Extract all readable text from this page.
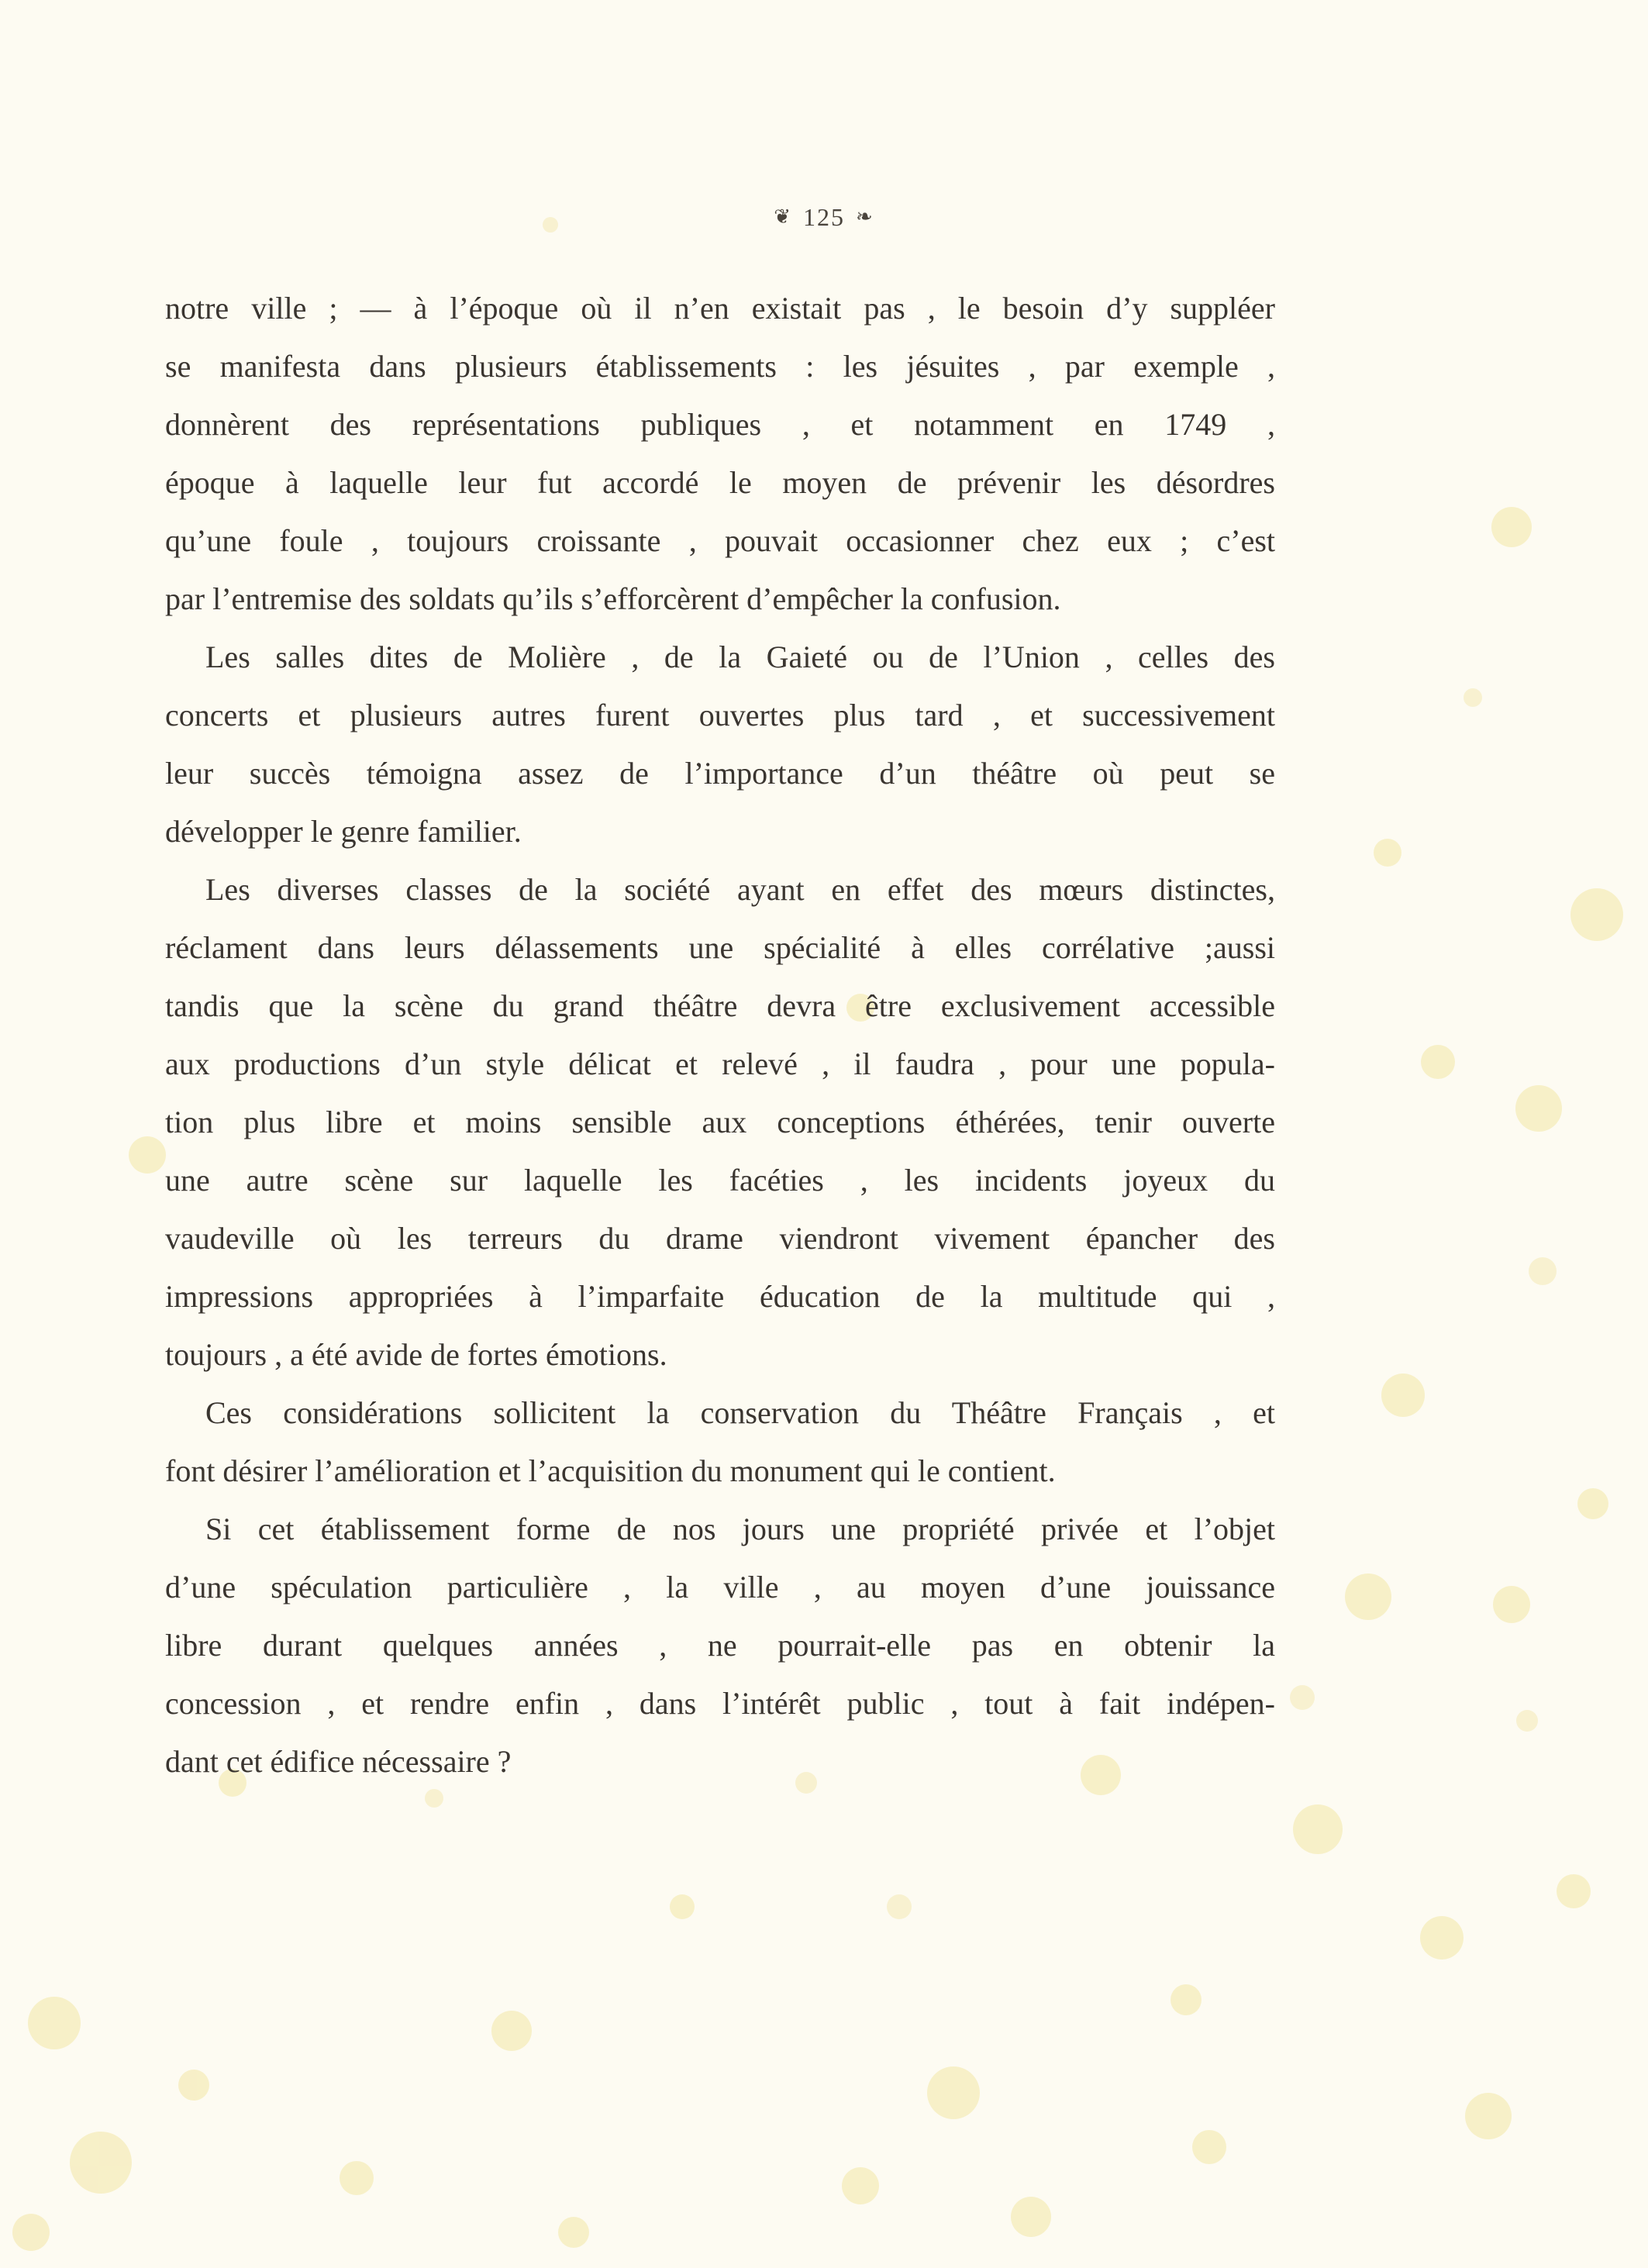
❦ 125 ❧
notre ville ; — à l’époque où il n’en existait pas , le besoin d’y suppléer
se manifesta dans plusieurs établissements : les jésuites , par exemple ,
donnèrent des représentations publiques , et notamment en 1749 ,
époque à laquelle leur fut accordé le moyen de prévenir les désordres
qu’une foule , toujours croissante , pouvait occasionner chez eux ; c’est
par l’entremise des soldats qu’ils s’efforcèrent d’empêcher la confusion.
Les salles dites de Molière , de la Gaieté ou de l’Union , celles des
concerts et plusieurs autres furent ouvertes plus tard , et successivement
leur succès témoigna assez de l’importance d’un théâtre où peut se
développer le genre familier.
Les diverses classes de la société ayant en effet des mœurs distinctes,
réclament dans leurs délassements une spécialité à elles corrélative ;aussi
tandis que la scène du grand théâtre devra être exclusivement accessible
aux productions d’un style délicat et relevé , il faudra , pour une popula-
tion plus libre et moins sensible aux conceptions éthérées, tenir ouverte
une autre scène sur laquelle les facéties , les incidents joyeux du
vaudeville où les terreurs du drame viendront vivement épancher des
impressions appropriées à l’imparfaite éducation de la multitude qui ,
toujours , a été avide de fortes émotions.
Ces considérations sollicitent la conservation du Théâtre Français , et
font désirer l’amélioration et l’acquisition du monument qui le contient.
Si cet établissement forme de nos jours une propriété privée et l’objet
d’une spéculation particulière , la ville , au moyen d’une jouissance
libre durant quelques années , ne pourrait-elle pas en obtenir la
concession , et rendre enfin , dans l’intérêt public , tout à fait indépen-
dant cet édifice nécessaire ?
